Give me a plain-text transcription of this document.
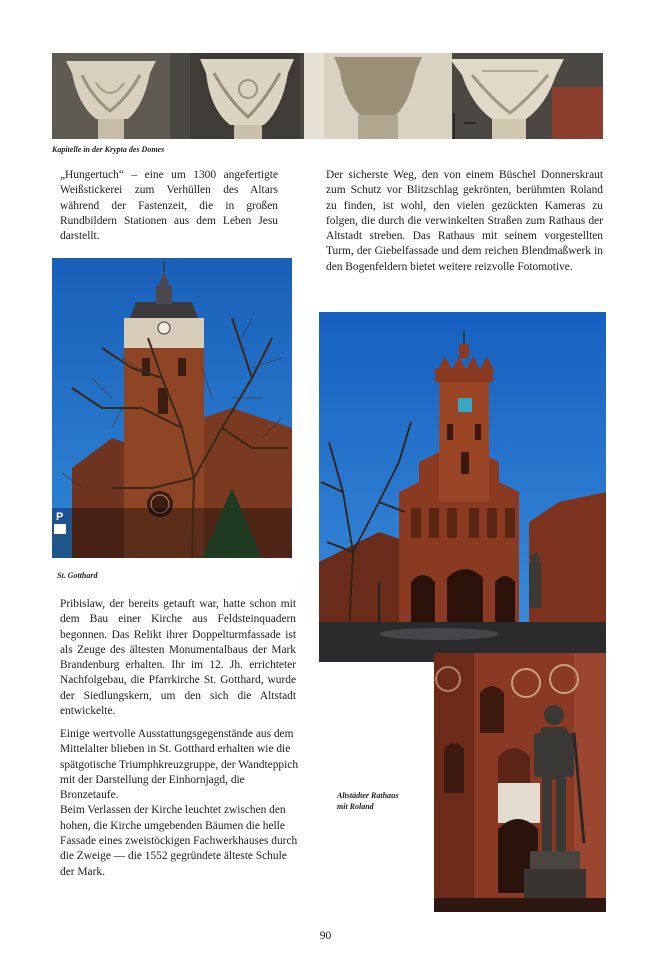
Kapitelle in der Krypta des Domes

„Hungertuch“ – eine um 1300 angefertigte Weißstickerei zum Verhüllen des Altars während der Fastenzeit, die in großen Rundbildern Stationen aus dem Leben Jesu darstellt.

Der sicherste Weg, den von einem Büschel Donnerskraut zum Schutz vor Blitzschlag gekrönten, berühmten Roland zu finden, ist wohl, den vielen gezückten Kameras zu folgen, die durch die verwinkelten Straßen zum Rathaus der Altstadt streben. Das Rathaus mit seinem vorgestellten Turm, der Giebelfassade und dem reichen Blendmaßwerk in den Bogenfeldern bietet weitere reizvolle Fotomotive.

P
St. Gotthard

Pribislaw, der bereits getauft war, hatte schon mit dem Bau einer Kirche aus Feldsteinquadern begonnen. Das Relikt ihrer Doppelturmfassade ist als Zeuge des ältesten Monumentalbaus der Mark Brandenburg erhalten. Ihr im 12. Jh. errichteter Nachfolgebau, die Pfarrkirche St. Gotthard, wurde der Siedlungskern, um den sich die Altstadt entwickelte.

Einige wertvolle Ausstattungsgegenstände aus dem Mittelalter blieben in St. Gotthard erhalten wie die spätgotische Triumphkreuzgruppe, der Wandteppich mit der Darstellung der Einhornjagd, die Bronzetaufe.
Beim Verlassen der Kirche leuchtet zwischen den hohen, die Kirche umgebenden Bäumen die helle Fassade eines zweistöckigen Fachwerkhauses durch die Zweige — die 1552 gegründete älteste Schule der Mark.

Altstädter Rathaus mit Roland
90
